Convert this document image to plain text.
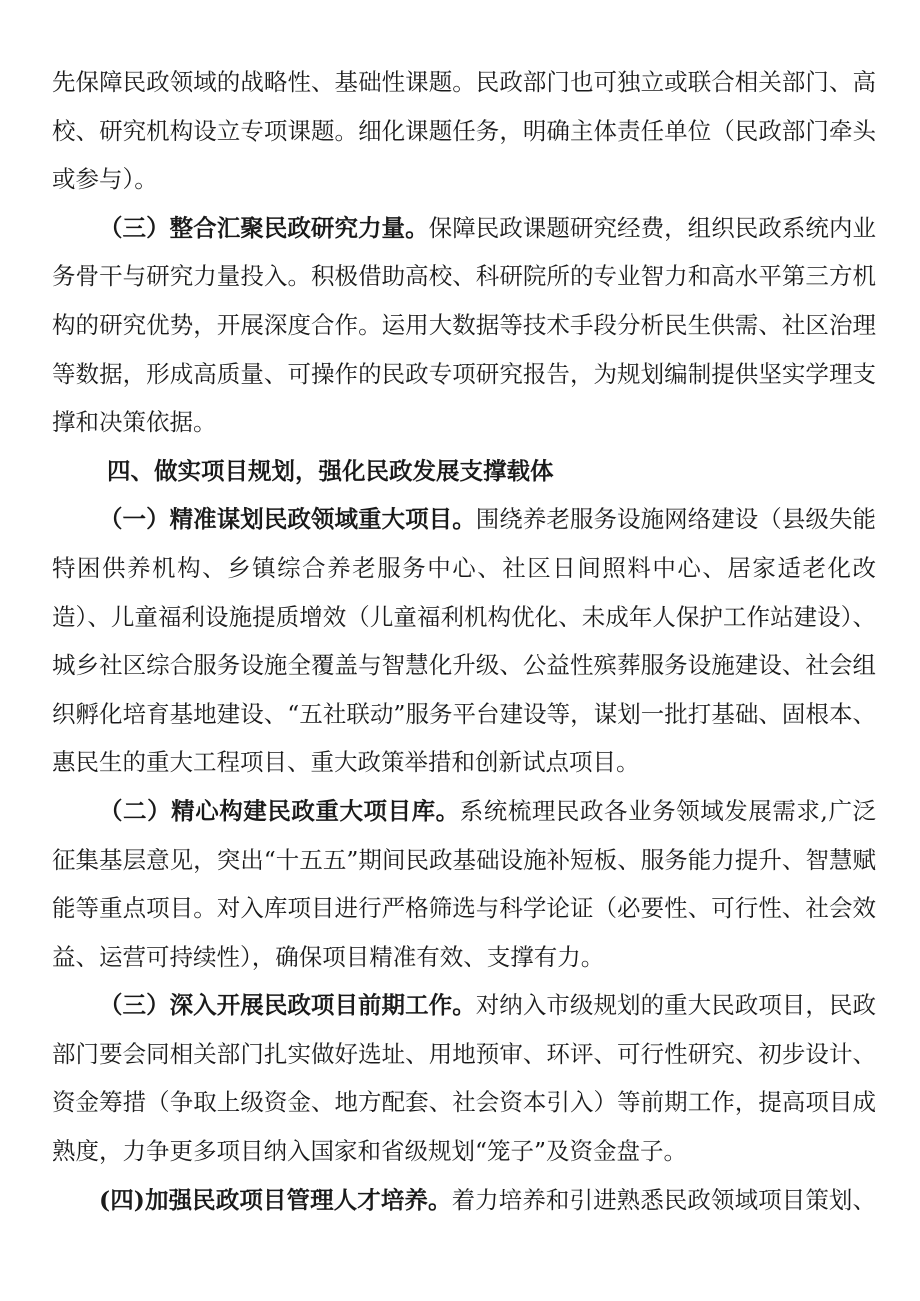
先保障民政领域的战略性、基础性课题。民政部门也可独立或联合相关部门、高校、研究机构设立专项课题。细化课题任务，明确主体责任单位（民政部门牵头或参与）。

（三）整合汇聚民政研究力量。保障民政课题研究经费，组织民政系统内业务骨干与研究力量投入。积极借助高校、科研院所的专业智力和高水平第三方机构的研究优势，开展深度合作。运用大数据等技术手段分析民生供需、社区治理等数据，形成高质量、可操作的民政专项研究报告，为规划编制提供坚实学理支撑和决策依据。

四、做实项目规划，强化民政发展支撑载体

（一）精准谋划民政领域重大项目。围绕养老服务设施网络建设（县级失能特困供养机构、乡镇综合养老服务中心、社区日间照料中心、居家适老化改造）、儿童福利设施提质增效（儿童福利机构优化、未成年人保护工作站建设）、城乡社区综合服务设施全覆盖与智慧化升级、公益性殡葬服务设施建设、社会组织孵化培育基地建设、“五社联动”服务平台建设等，谋划一批打基础、固根本、惠民生的重大工程项目、重大政策举措和创新试点项目。

（二）精心构建民政重大项目库。系统梳理民政各业务领域发展需求,广泛征集基层意见，突出“十五五”期间民政基础设施补短板、服务能力提升、智慧赋能等重点项目。对入库项目进行严格筛选与科学论证（必要性、可行性、社会效益、运营可持续性），确保项目精准有效、支撑有力。

（三）深入开展民政项目前期工作。对纳入市级规划的重大民政项目，民政部门要会同相关部门扎实做好选址、用地预审、环评、可行性研究、初步设计、资金筹措（争取上级资金、地方配套、社会资本引入）等前期工作，提高项目成熟度，力争更多项目纳入国家和省级规划“笼子”及资金盘子。

(四)加强民政项目管理人才培养。着力培养和引进熟悉民政领域项目策划、
